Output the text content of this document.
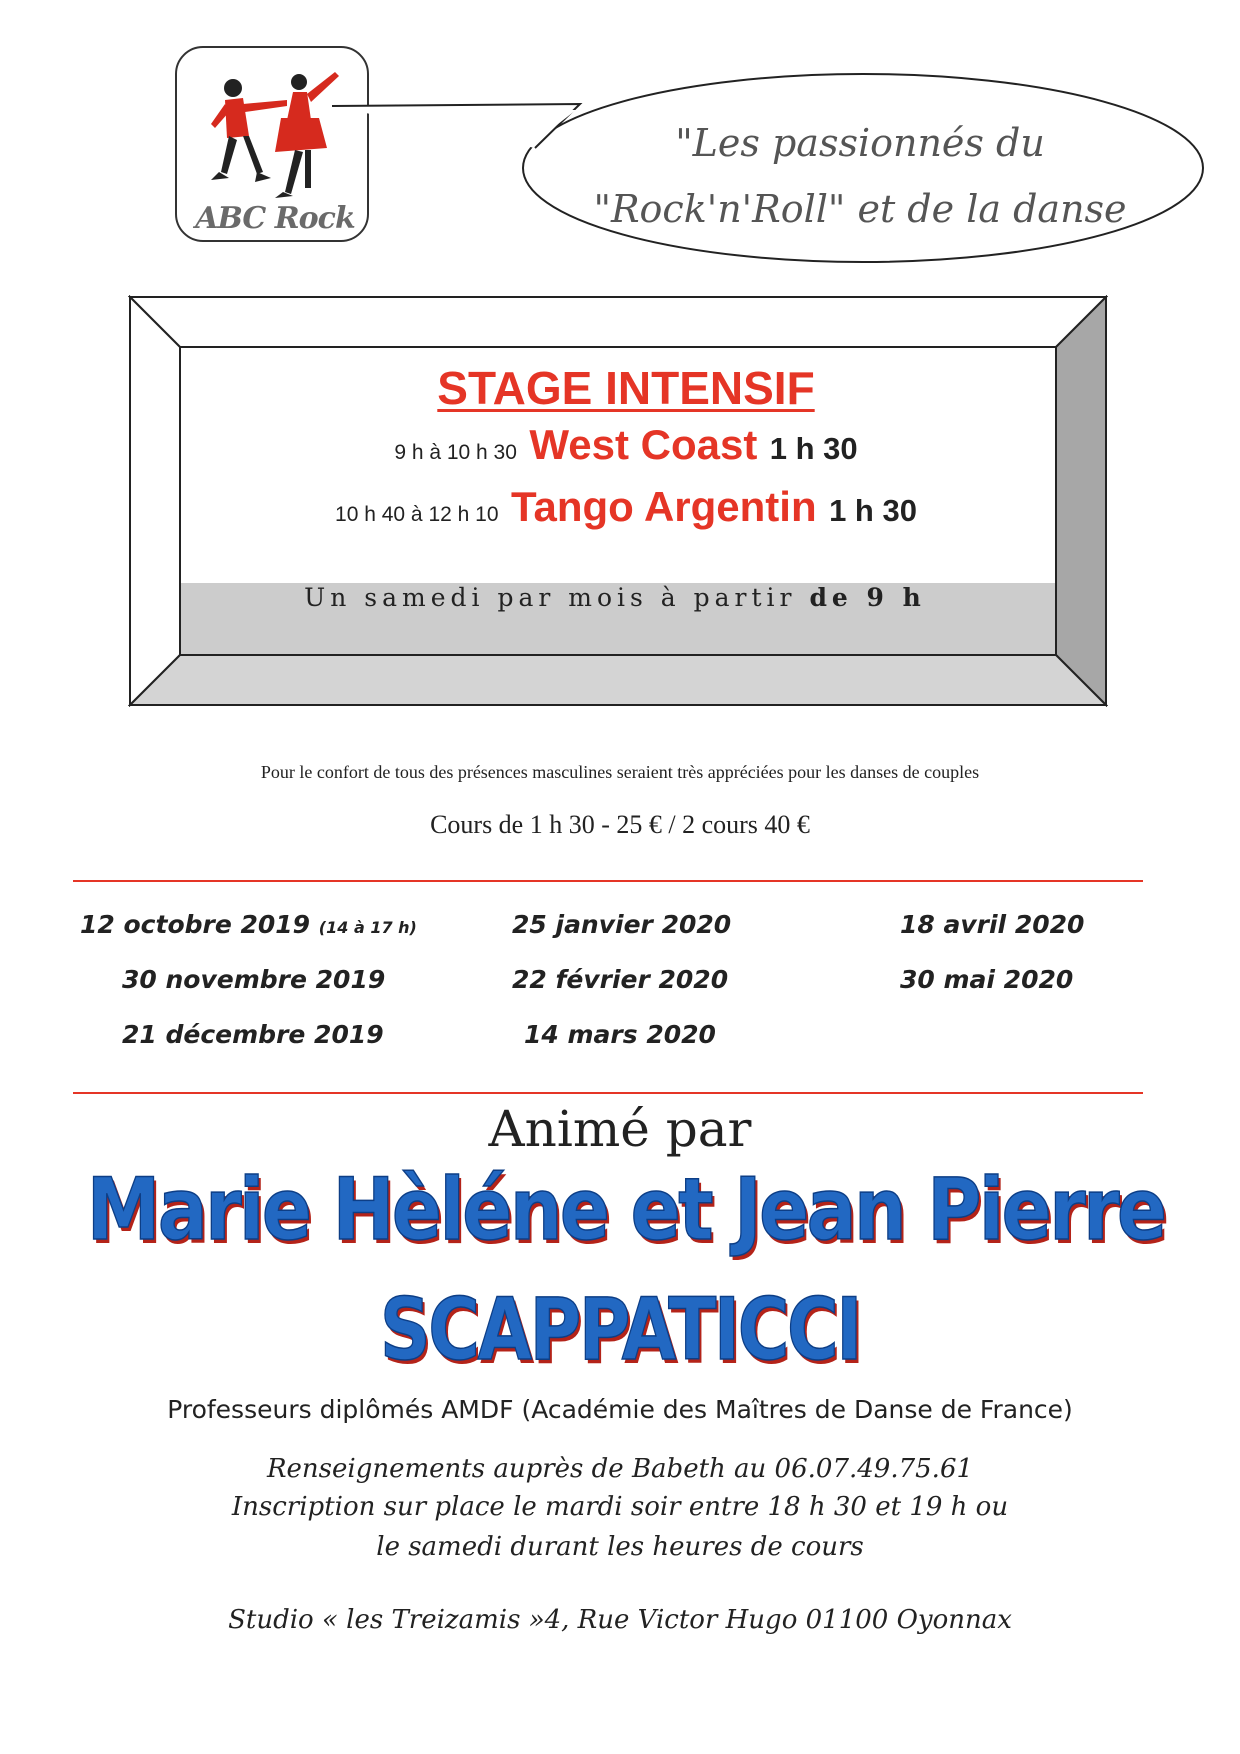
ABC Rock
"Les passionnés du
"Rock'n'Roll" et de la danse
STAGE INTENSIF
9 h à 10 h 30 West Coast 1 h 30
10 h 40 à 12 h 10 Tango Argentin 1 h 30
Un samedi par mois à partir de 9 h
Pour le confort de tous des présences masculines seraient très appréciées pour les danses de couples
Cours de 1 h 30 - 25 € / 2 cours 40 €
12 octobre 2019 (14 à 17 h)
30 novembre 2019
21 décembre 2019
25 janvier 2020
22 février 2020
14 mars 2020
18 avril 2020
30 mai 2020
Animé par
Marie Hèléne et Jean Pierre
SCAPPATICCI
Professeurs diplômés AMDF (Académie des Maîtres de Danse de France)
Renseignements auprès de Babeth au 06.07.49.75.61
Inscription sur place le mardi soir entre 18 h 30 et 19 h ou
le samedi durant les heures de cours
Studio « les Treizamis »4, Rue Victor Hugo 01100 Oyonnax
